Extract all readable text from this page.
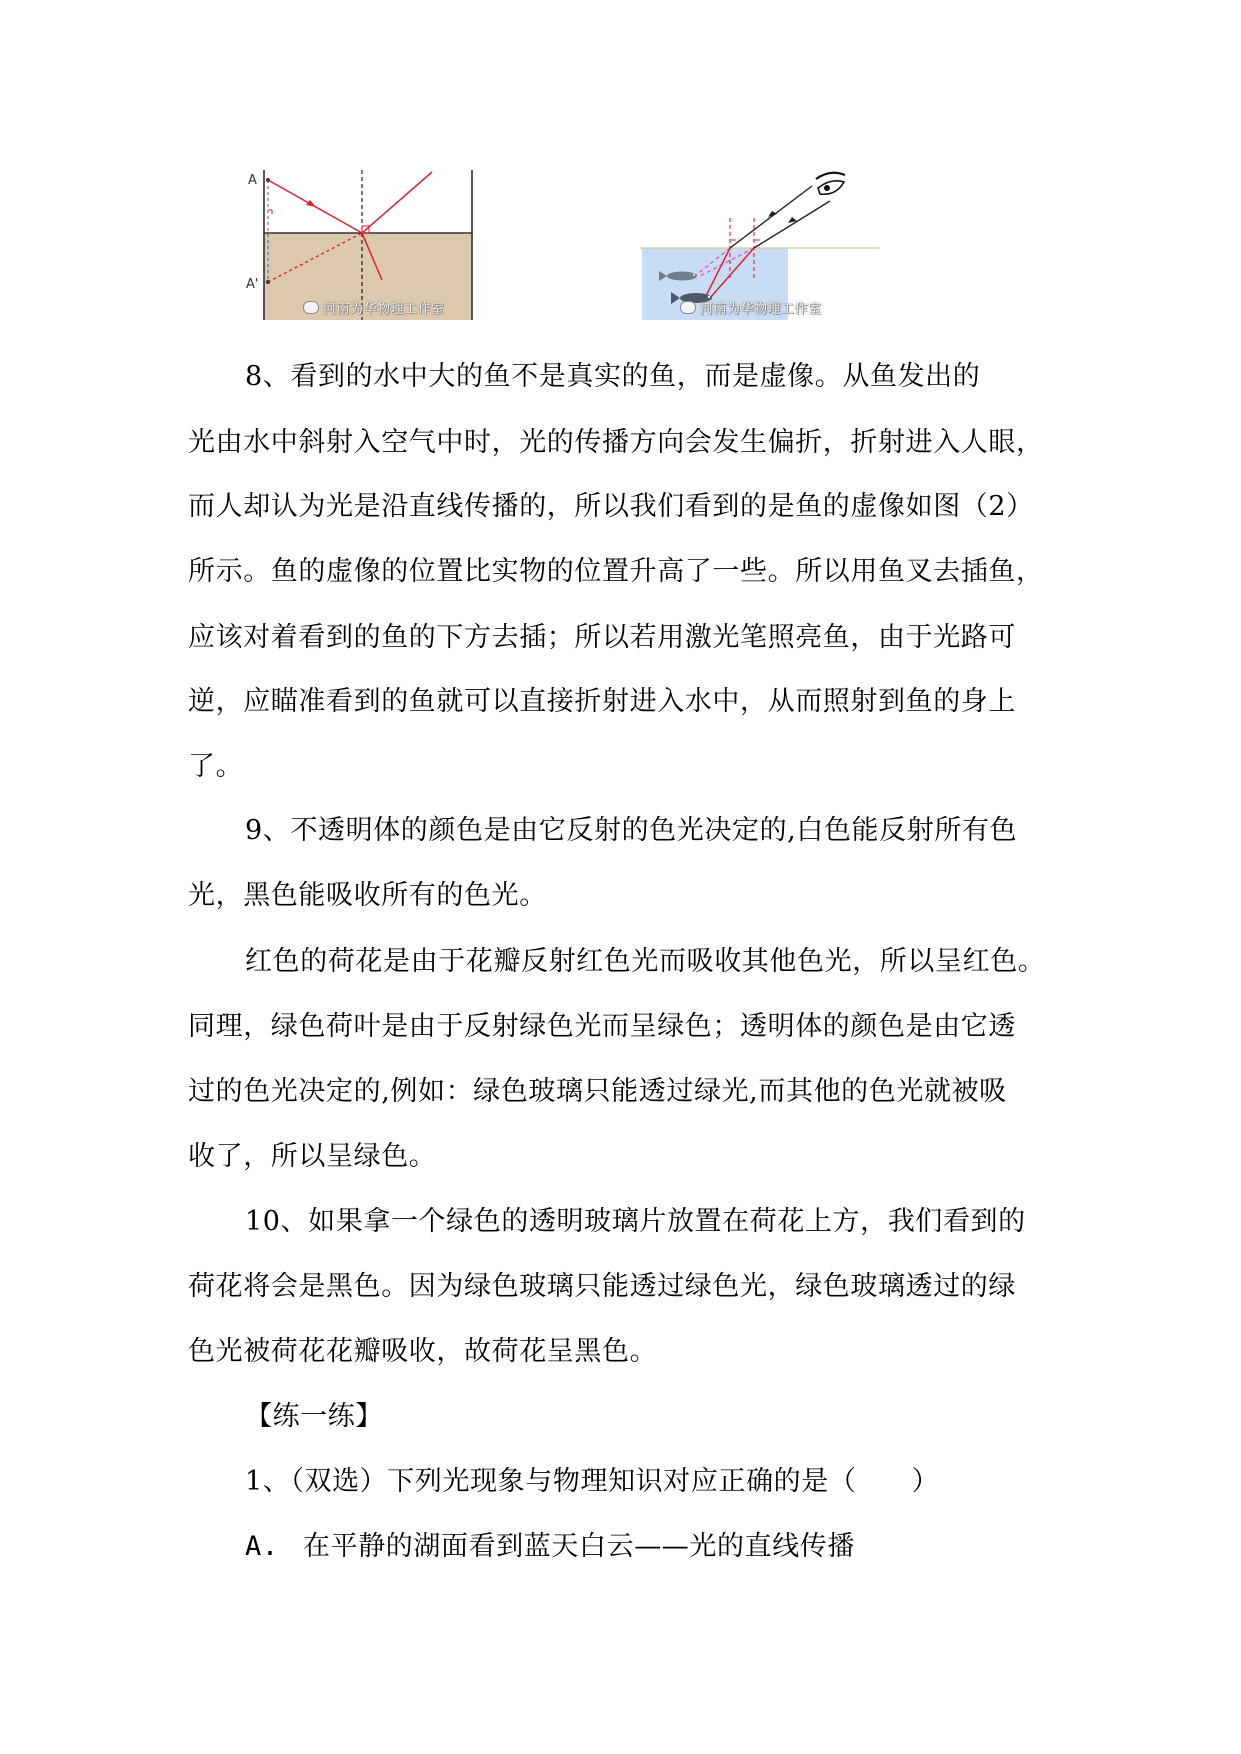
A
A'
河南为华物理工作室	河南为华物理工作室

8、看到的水中大的鱼不是真实的鱼，而是虚像。从鱼发出的

光由水中斜射入空气中时，光的传播方向会发生偏折，折射进入人眼，

而人却认为光是沿直线传播的，所以我们看到的是鱼的虚像如图（2）

所示。鱼的虚像的位置比实物的位置升高了一些。所以用鱼叉去插鱼，

应该对着看到的鱼的下方去插；所以若用激光笔照亮鱼，由于光路可

逆，应瞄准看到的鱼就可以直接折射进入水中，从而照射到鱼的身上

了。

9、不透明体的颜色是由它反射的色光决定的,白色能反射所有色

光，黑色能吸收所有的色光。

红色的荷花是由于花瓣反射红色光而吸收其他色光，所以呈红色。

同理，绿色荷叶是由于反射绿色光而呈绿色；透明体的颜色是由它透

过的色光决定的,例如：绿色玻璃只能透过绿光,而其他的色光就被吸

收了，所以呈绿色。

10、如果拿一个绿色的透明玻璃片放置在荷花上方，我们看到的

荷花将会是黑色。因为绿色玻璃只能透过绿色光，绿色玻璃透过的绿

色光被荷花花瓣吸收，故荷花呈黑色。

【练一练】

1、（双选）下列光现象与物理知识对应正确的是（　　）

A. 在平静的湖面看到蓝天白云——光的直线传播
